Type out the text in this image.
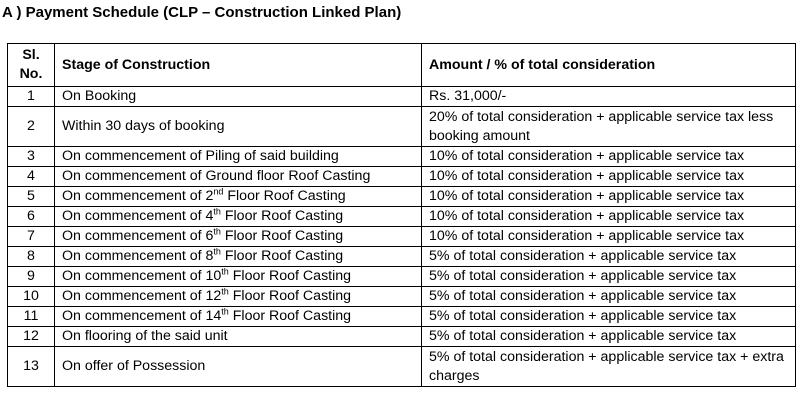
A ) Payment Schedule (CLP – Construction Linked Plan)
Sl.
No.	Stage of Construction	Amount / % of total consideration
1	On Booking	Rs. 31,000/-
2	Within 30 days of booking	20% of total consideration + applicable service tax less booking amount
3	On commencement of Piling of said building	10% of total consideration + applicable service tax
4	On commencement of Ground floor Roof Casting	10% of total consideration + applicable service tax
5	On commencement of 2nd Floor Roof Casting	10% of total consideration + applicable service tax
6	On commencement of 4th Floor Roof Casting	10% of total consideration + applicable service tax
7	On commencement of 6th Floor Roof Casting	10% of total consideration + applicable service tax
8	On commencement of 8th Floor Roof Casting	5% of total consideration + applicable service tax
9	On commencement of 10th Floor Roof Casting	5% of total consideration + applicable service tax
10	On commencement of 12th Floor Roof Casting	5% of total consideration + applicable service tax
11	On commencement of 14th Floor Roof Casting	5% of total consideration + applicable service tax
12	On flooring of the said unit	5% of total consideration + applicable service tax
13	On offer of Possession	5% of total consideration + applicable service tax + extra charges
